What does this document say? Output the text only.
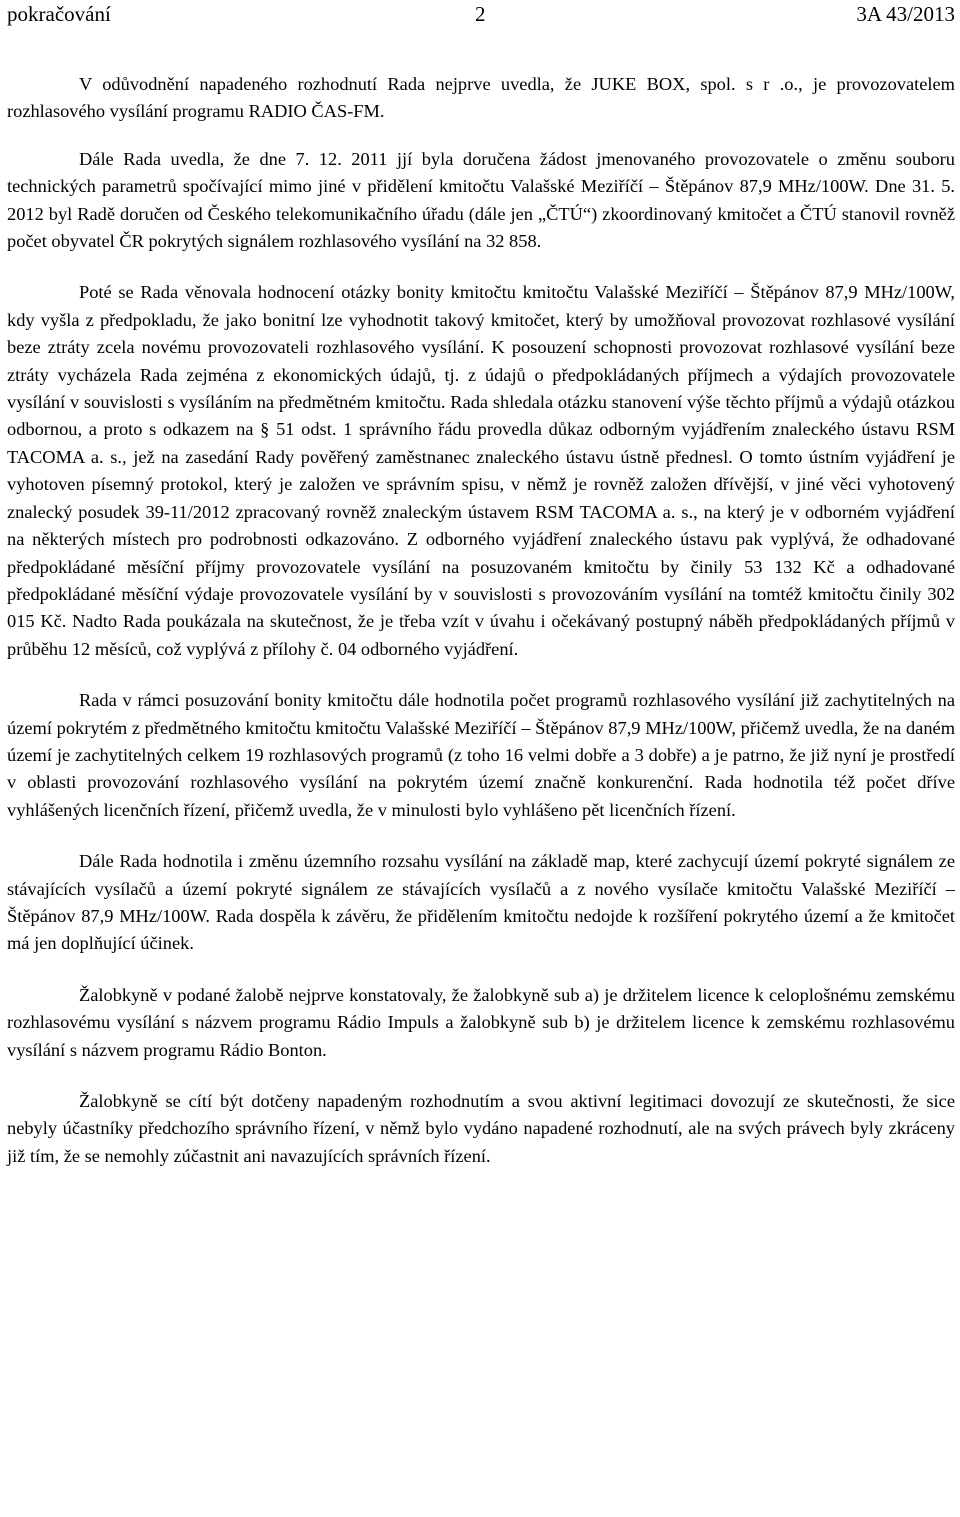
pokračování	2	3A 43/2013

V odůvodnění napadeného rozhodnutí Rada nejprve uvedla, že JUKE BOX, spol. s r .o., je provozovatelem rozhlasového vysílání programu RADIO ČAS-FM.

Dále Rada uvedla, že dne 7. 12. 2011 jjí byla doručena žádost jmenovaného provozovatele o změnu souboru technických parametrů spočívající mimo jiné v přidělení kmitočtu Valašské Meziříčí – Štěpánov 87,9 MHz/100W. Dne 31. 5. 2012 byl Radě doručen od Českého telekomunikačního úřadu (dále jen „ČTÚ“) zkoordinovaný kmitočet a ČTÚ stanovil rovněž počet obyvatel ČR pokrytých signálem rozhlasového vysílání na 32 858.

Poté se Rada věnovala hodnocení otázky bonity kmitočtu kmitočtu Valašské Meziříčí – Štěpánov 87,9 MHz/100W, kdy vyšla z předpokladu, že jako bonitní lze vyhodnotit takový kmitočet, který by umožňoval provozovat rozhlasové vysílání beze ztráty zcela novému provozovateli rozhlasového vysílání. K posouzení schopnosti provozovat rozhlasové vysílání beze ztráty vycházela Rada zejména z ekonomických údajů, tj. z údajů o předpokládaných příjmech a výdajích provozovatele vysílání v souvislosti s vysíláním na předmětném kmitočtu. Rada shledala otázku stanovení výše těchto příjmů a výdajů otázkou odbornou, a proto s odkazem na § 51 odst. 1 správního řádu provedla důkaz odborným vyjádřením znaleckého ústavu RSM TACOMA a. s., jež na zasedání Rady pověřený zaměstnanec znaleckého ústavu ústně přednesl. O tomto ústním vyjádření je vyhotoven písemný protokol, který je založen ve správním spisu, v němž je rovněž založen dřívější, v jiné věci vyhotovený znalecký posudek 39-11/2012 zpracovaný rovněž znaleckým ústavem RSM TACOMA a. s., na který je v odborném vyjádření na některých místech pro podrobnosti odkazováno. Z odborného vyjádření znaleckého ústavu pak vyplývá, že odhadované předpokládané měsíční příjmy provozovatele vysílání na posuzovaném kmitočtu by činily 53 132 Kč a odhadované předpokládané měsíční výdaje provozovatele vysílání by v souvislosti s provozováním vysílání na tomtéž kmitočtu činily 302 015 Kč. Nadto Rada poukázala na skutečnost, že je třeba vzít v úvahu i očekávaný postupný náběh předpokládaných příjmů v průběhu 12 měsíců, což vyplývá z přílohy č. 04 odborného vyjádření.

Rada v rámci posuzování bonity kmitočtu dále hodnotila počet programů rozhlasového vysílání již zachytitelných na území pokrytém z předmětného kmitočtu kmitočtu Valašské Meziříčí – Štěpánov 87,9 MHz/100W, přičemž uvedla, že na daném území je zachytitelných celkem 19 rozhlasových programů (z toho 16 velmi dobře a 3 dobře) a je patrno, že již nyní je prostředí v oblasti provozování rozhlasového vysílání na pokrytém území značně konkurenční. Rada hodnotila též počet dříve vyhlášených licenčních řízení, přičemž uvedla, že v minulosti bylo vyhlášeno pět licenčních řízení.

Dále Rada hodnotila i změnu územního rozsahu vysílání na základě map, které zachycují území pokryté signálem ze stávajících vysílačů a území pokryté signálem ze stávajících vysílačů a z nového vysílače kmitočtu Valašské Meziříčí – Štěpánov 87,9 MHz/100W. Rada dospěla k závěru, že přidělením kmitočtu nedojde k rozšíření pokrytého území a že kmitočet má jen doplňující účinek.

Žalobkyně v podané žalobě nejprve konstatovaly, že žalobkyně sub a) je držitelem licence k celoplošnému zemskému rozhlasovému vysílání s názvem programu Rádio Impuls a žalobkyně sub b) je držitelem licence k zemskému rozhlasovému vysílání s názvem programu Rádio Bonton.

Žalobkyně se cítí být dotčeny napadeným rozhodnutím a svou aktivní legitimaci dovozují ze skutečnosti, že sice nebyly účastníky předchozího správního řízení, v němž bylo vydáno napadené rozhodnutí, ale na svých právech byly zkráceny již tím, že se nemohly zúčastnit ani navazujících správních řízení.
